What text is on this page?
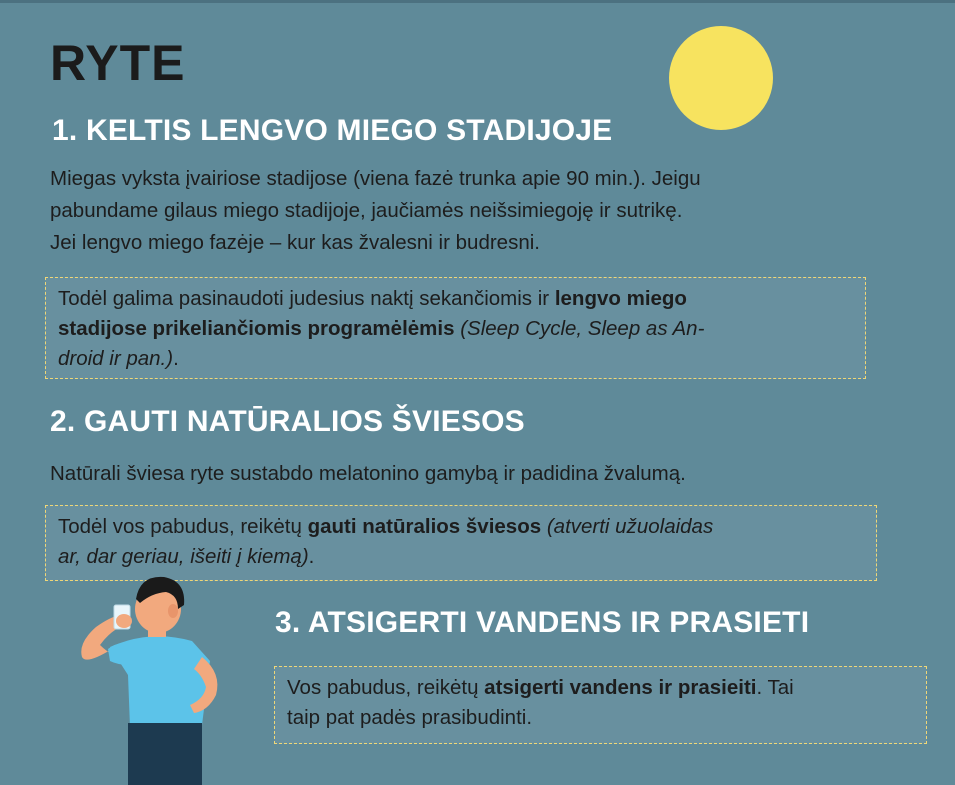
RYTE
1. KELTIS LENGVO MIEGO STADIJOJE

Miegas vyksta įvairiose stadijose (viena fazė trunka apie 90 min.). Jeigu
pabundame gilaus miego stadijoje, jaučiamės neišsimiegoję ir sutrikę.
Jei lengvo miego fazėje – kur kas žvalesni ir budresni.

Todėl galima pasinaudoti judesius naktį sekančiomis ir lengvo miego
stadijose prikeliančiomis programėlėmis (Sleep Cycle, Sleep as An-
droid ir pan.).
2. GAUTI NATŪRALIOS ŠVIESOS

Natūrali šviesa ryte sustabdo melatonino gamybą ir padidina žvalumą.

Todėl vos pabudus, reikėtų gauti natūralios šviesos (atverti užuolaidas
ar, dar geriau, išeiti į kiemą).
3. ATSIGERTI VANDENS IR PRASIETI
Vos pabudus, reikėtų atsigerti vandens ir prasieiti. Tai
taip pat padės prasibudinti.
